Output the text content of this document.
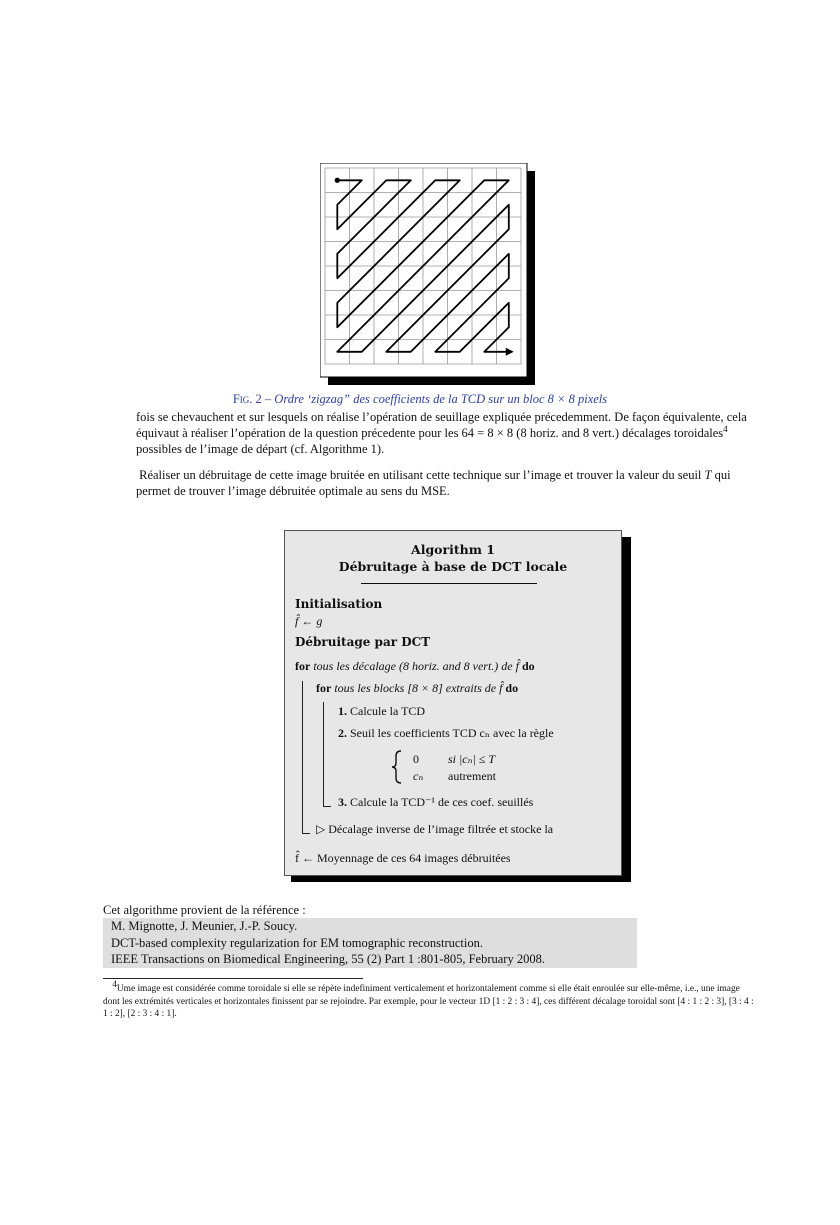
Fig. 2 – Ordre ‘zigzag” des coefficients de la TCD sur un bloc 8 × 8 pixels
fois se chevauchent et sur lesquels on réalise l’opération de seuillage expliquée précedemment. De façon équivalente, cela équivaut à réaliser l’opération de la question précedente pour les 64 = 8 × 8 (8 horiz. and 8 vert.) décalages toroidales$^4$ possibles de l’image de départ (cf. Algorithme 1).
Réaliser un débruitage de cette image bruitée en utilisant cette technique sur l’image et trouver la valeur du seuil T qui permet de trouver l’image débruitée optimale au sens du MSE.
Algorithm 1
Débruitage à base de DCT locale
Initialisation
f̂ ← g
Débruitage par DCT
for tous les décalage (8 horiz. and 8 vert.) de f̂ do
for tous les blocks [8 × 8] extraits de f̂ do
1. Calcule la TCD
2. Seuil les coefficients TCD cₙ avec la règle
0 si |cₙ| ≤ T
cₙ autrement
3. Calcule la TCD⁻¹ de ces coef. seuillés
▷ Décalage inverse de l’image filtrée et stocke la
f̂ ← Moyennage de ces 64 images débruitées
Cet algorithme provient de la référence :
M. Mignotte, J. Meunier, J.-P. Soucy.
DCT-based complexity regularization for EM tomographic reconstruction.
IEEE Transactions on Biomedical Engineering, 55 (2) Part 1 :801-805, February 2008.
$^4$Ume image est considérée comme toroidale si elle se répète indefiniment verticalement et horizontalement comme si elle était enroulée sur elle-même, i.e., une image dont les extrémités verticales et horizontales finissent par se rejoindre. Par exemple, pour le vecteur 1D [1 : 2 : 3 : 4], ces différent décalage toroidal sont [4 : 1 : 2 : 3], [3 : 4 : 1 : 2], [2 : 3 : 4 : 1].
